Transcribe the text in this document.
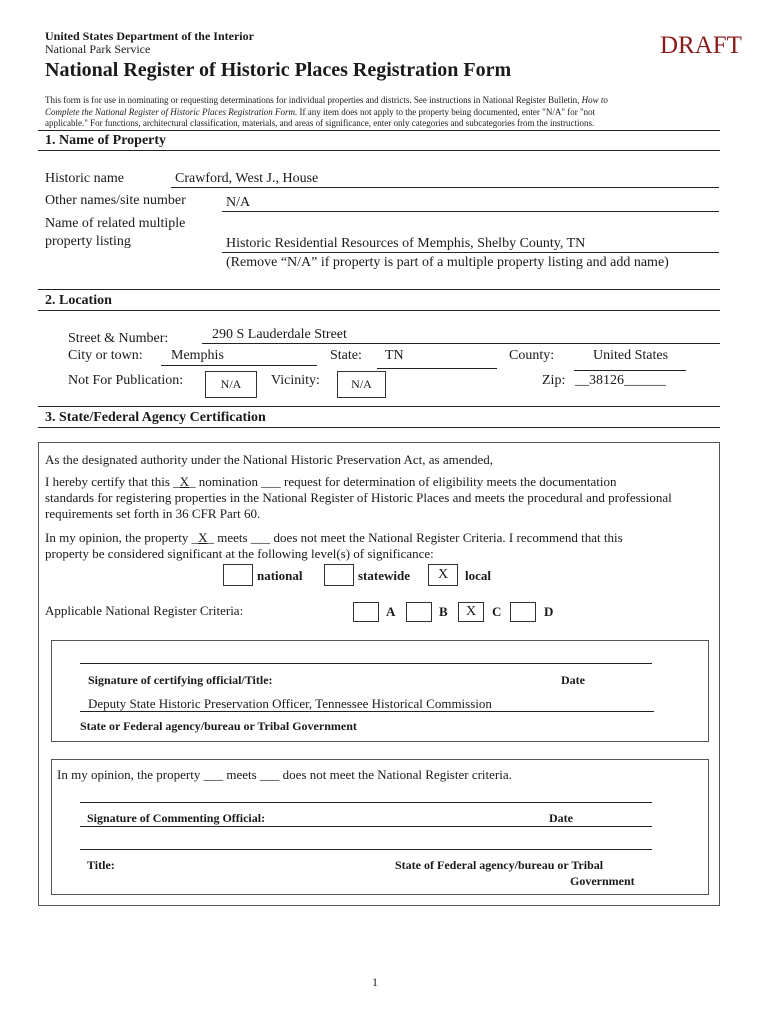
United States Department of the Interior
National Park Service	DRAFT
National Register of Historic Places Registration Form
This form is for use in nominating or requesting determinations for individual properties and districts. See instructions in National Register Bulletin, How to
Complete the National Register of Historic Places Registration Form. If any item does not apply to the property being documented, enter "N/A" for "not
applicable." For functions, architectural classification, materials, and areas of significance, enter only categories and subcategories from the instructions.
1. Name of Property
Historic name	Crawford, West J., House
Other names/site number	N/A
Name of related multiple
property listing	Historic Residential Resources of Memphis, Shelby County, TN
(Remove “N/A” if property is part of a multiple property listing and add name)
2. Location
Street & Number:	290 S Lauderdale Street
City or town: Memphis	State: TN	County:	United States
Not For Publication:	N/A	Vicinity:	N/A	Zip: __38126______
3. State/Federal Agency Certification
As the designated authority under the National Historic Preservation Act, as amended,
I hereby certify that this _X_ nomination ___ request for determination of eligibility meets the documentation
standards for registering properties in the National Register of Historic Places and meets the procedural and professional
requirements set forth in 36 CFR Part 60.
In my opinion, the property _X_ meets ___ does not meet the National Register Criteria. I recommend that this
property be considered significant at the following level(s) of significance:
national	statewide	X	local
Applicable National Register Criteria:	A	B	X	C	D
Signature of certifying official/Title:	Date
Deputy State Historic Preservation Officer, Tennessee Historical Commission
State or Federal agency/bureau or Tribal Government
In my opinion, the property ___ meets ___ does not meet the National Register criteria.
Signature of Commenting Official:	Date
Title:	State of Federal agency/bureau or Tribal
Government
1
